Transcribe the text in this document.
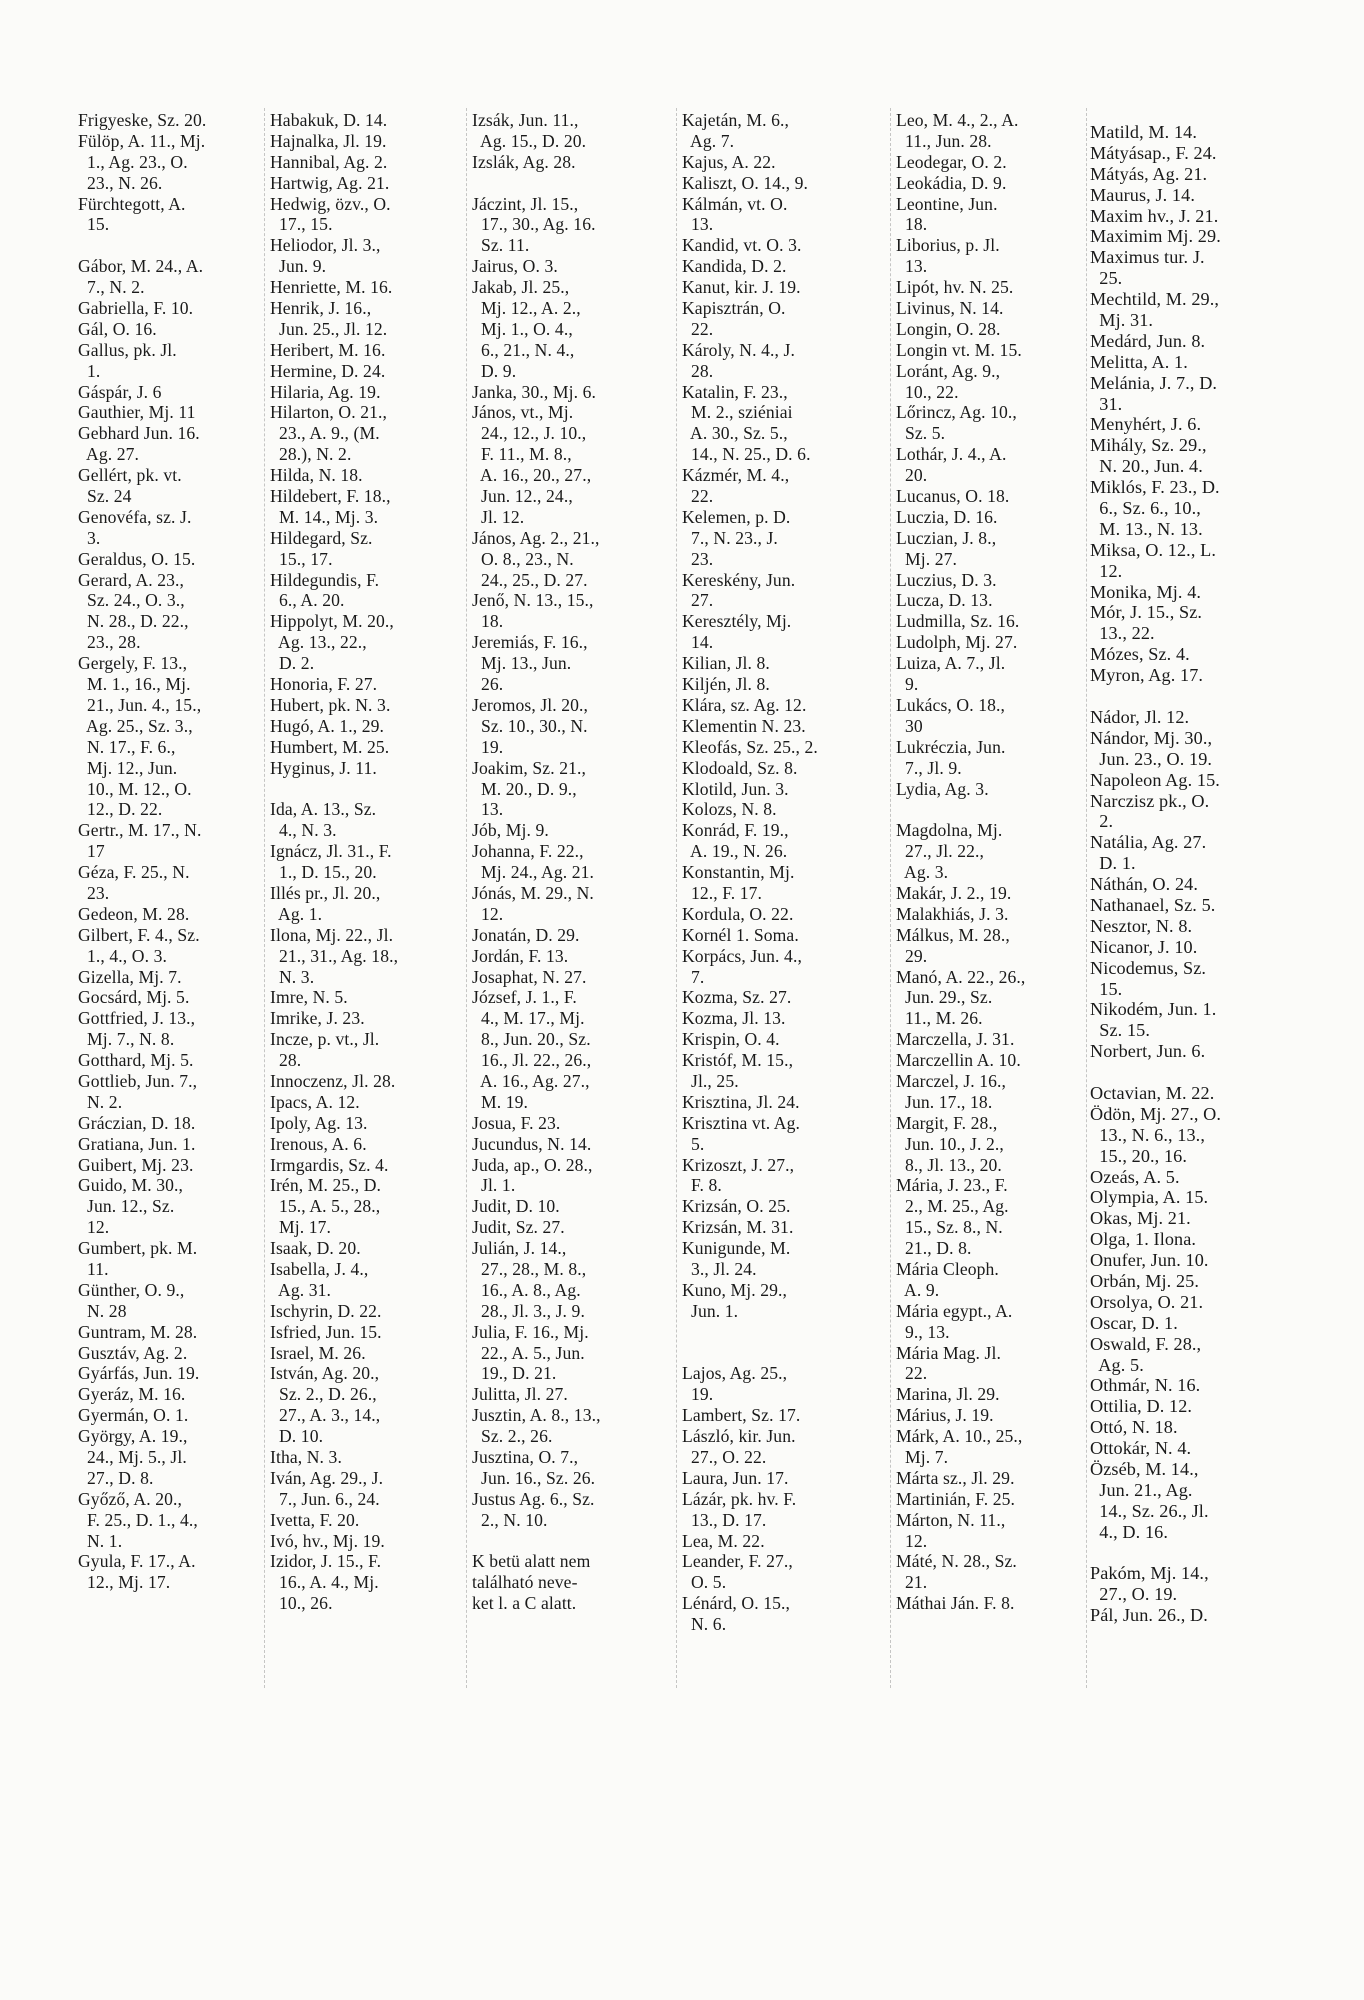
Frigyeske, Sz. 20.
Fülöp, A. 11., Mj.
1., Ag. 23., O.
23., N. 26.
Fürchtegott, A.
15.
Gábor, M. 24., A.
7., N. 2.
Gabriella, F. 10.
Gál, O. 16.
Gallus, pk. Jl.
1.
Gáspár, J. 6
Gauthier, Mj. 11
Gebhard Jun. 16.
Ag. 27.
Gellért, pk. vt.
Sz. 24
Genovéfa, sz. J.
3.
Geraldus, O. 15.
Gerard, A. 23.,
Sz. 24., O. 3.,
N. 28., D. 22.,
23., 28.
Gergely, F. 13.,
M. 1., 16., Mj.
21., Jun. 4., 15.,
Ag. 25., Sz. 3.,
N. 17., F. 6.,
Mj. 12., Jun.
10., M. 12., O.
12., D. 22.
Gertr., M. 17., N.
17
Géza, F. 25., N.
23.
Gedeon, M. 28.
Gilbert, F. 4., Sz.
1., 4., O. 3.
Gizella, Mj. 7.
Gocsárd, Mj. 5.
Gottfried, J. 13.,
Mj. 7., N. 8.
Gotthard, Mj. 5.
Gottlieb, Jun. 7.,
N. 2.
Gráczian, D. 18.
Gratiana, Jun. 1.
Guibert, Mj. 23.
Guido, M. 30.,
Jun. 12., Sz.
12.
Gumbert, pk. M.
11.
Günther, O. 9.,
N. 28
Guntram, M. 28.
Gusztáv, Ag. 2.
Gyárfás, Jun. 19.
Gyeráz, M. 16.
Gyermán, O. 1.
György, A. 19.,
24., Mj. 5., Jl.
27., D. 8.
Győző, A. 20.,
F. 25., D. 1., 4.,
N. 1.
Gyula, F. 17., A.
12., Mj. 17.
Habakuk, D. 14.
Hajnalka, Jl. 19.
Hannibal, Ag. 2.
Hartwig, Ag. 21.
Hedwig, özv., O.
17., 15.
Heliodor, Jl. 3.,
Jun. 9.
Henriette, M. 16.
Henrik, J. 16.,
Jun. 25., Jl. 12.
Heribert, M. 16.
Hermine, D. 24.
Hilaria, Ag. 19.
Hilarton, O. 21.,
23., A. 9., (M.
28.), N. 2.
Hilda, N. 18.
Hildebert, F. 18.,
M. 14., Mj. 3.
Hildegard, Sz.
15., 17.
Hildegundis, F.
6., A. 20.
Hippolyt, M. 20.,
Ag. 13., 22.,
D. 2.
Honoria, F. 27.
Hubert, pk. N. 3.
Hugó, A. 1., 29.
Humbert, M. 25.
Hyginus, J. 11.
Ida, A. 13., Sz.
4., N. 3.
Ignácz, Jl. 31., F.
1., D. 15., 20.
Illés pr., Jl. 20.,
Ag. 1.
Ilona, Mj. 22., Jl.
21., 31., Ag. 18.,
N. 3.
Imre, N. 5.
Imrike, J. 23.
Incze, p. vt., Jl.
28.
Innoczenz, Jl. 28.
Ipacs, A. 12.
Ipoly, Ag. 13.
Irenous, A. 6.
Irmgardis, Sz. 4.
Irén, M. 25., D.
15., A. 5., 28.,
Mj. 17.
Isaak, D. 20.
Isabella, J. 4.,
Ag. 31.
Ischyrin, D. 22.
Isfried, Jun. 15.
Israel, M. 26.
István, Ag. 20.,
Sz. 2., D. 26.,
27., A. 3., 14.,
D. 10.
Itha, N. 3.
Iván, Ag. 29., J.
7., Jun. 6., 24.
Ivetta, F. 20.
Ivó, hv., Mj. 19.
Izidor, J. 15., F.
16., A. 4., Mj.
10., 26.
Izsák, Jun. 11.,
Ag. 15., D. 20.
Izslák, Ag. 28.
Jáczint, Jl. 15.,
17., 30., Ag. 16.
Sz. 11.
Jairus, O. 3.
Jakab, Jl. 25.,
Mj. 12., A. 2.,
Mj. 1., O. 4.,
6., 21., N. 4.,
D. 9.
Janka, 30., Mj. 6.
János, vt., Mj.
24., 12., J. 10.,
F. 11., M. 8.,
A. 16., 20., 27.,
Jun. 12., 24.,
Jl. 12.
János, Ag. 2., 21.,
O. 8., 23., N.
24., 25., D. 27.
Jenő, N. 13., 15.,
18.
Jeremiás, F. 16.,
Mj. 13., Jun.
26.
Jeromos, Jl. 20.,
Sz. 10., 30., N.
19.
Joakim, Sz. 21.,
M. 20., D. 9.,
13.
Jób, Mj. 9.
Johanna, F. 22.,
Mj. 24., Ag. 21.
Jónás, M. 29., N.
12.
Jonatán, D. 29.
Jordán, F. 13.
Josaphat, N. 27.
József, J. 1., F.
4., M. 17., Mj.
8., Jun. 20., Sz.
16., Jl. 22., 26.,
A. 16., Ag. 27.,
M. 19.
Josua, F. 23.
Jucundus, N. 14.
Juda, ap., O. 28.,
Jl. 1.
Judit, D. 10.
Judit, Sz. 27.
Julián, J. 14.,
27., 28., M. 8.,
16., A. 8., Ag.
28., Jl. 3., J. 9.
Julia, F. 16., Mj.
22., A. 5., Jun.
19., D. 21.
Julitta, Jl. 27.
Jusztin, A. 8., 13.,
Sz. 2., 26.
Jusztina, O. 7.,
Jun. 16., Sz. 26.
Justus Ag. 6., Sz.
2., N. 10.
K betü alatt nem
található neve-
ket l. a C alatt.
Kajetán, M. 6.,
Ag. 7.
Kajus, A. 22.
Kaliszt, O. 14., 9.
Kálmán, vt. O.
13.
Kandid, vt. O. 3.
Kandida, D. 2.
Kanut, kir. J. 19.
Kapisztrán, O.
22.
Károly, N. 4., J.
28.
Katalin, F. 23.,
M. 2., sziéniai
A. 30., Sz. 5.,
14., N. 25., D. 6.
Kázmér, M. 4.,
22.
Kelemen, p. D.
7., N. 23., J.
23.
Kereskény, Jun.
27.
Keresztély, Mj.
14.
Kilian, Jl. 8.
Kiljén, Jl. 8.
Klára, sz. Ag. 12.
Klementin N. 23.
Kleofás, Sz. 25., 2.
Klodoald, Sz. 8.
Klotild, Jun. 3.
Kolozs, N. 8.
Konrád, F. 19.,
A. 19., N. 26.
Konstantin, Mj.
12., F. 17.
Kordula, O. 22.
Kornél 1. Soma.
Korpács, Jun. 4.,
7.
Kozma, Sz. 27.
Kozma, Jl. 13.
Krispin, O. 4.
Kristóf, M. 15.,
Jl., 25.
Krisztina, Jl. 24.
Krisztina vt. Ag.
5.
Krizoszt, J. 27.,
F. 8.
Krizsán, O. 25.
Krizsán, M. 31.
Kunigunde, M.
3., Jl. 24.
Kuno, Mj. 29.,
Jun. 1.
Lajos, Ag. 25.,
19.
Lambert, Sz. 17.
László, kir. Jun.
27., O. 22.
Laura, Jun. 17.
Lázár, pk. hv. F.
13., D. 17.
Lea, M. 22.
Leander, F. 27.,
O. 5.
Lénárd, O. 15.,
N. 6.
Leo, M. 4., 2., A.
11., Jun. 28.
Leodegar, O. 2.
Leokádia, D. 9.
Leontine, Jun.
18.
Liborius, p. Jl.
13.
Lipót, hv. N. 25.
Livinus, N. 14.
Longin, O. 28.
Longin vt. M. 15.
Loránt, Ag. 9.,
10., 22.
Lőrincz, Ag. 10.,
Sz. 5.
Lothár, J. 4., A.
20.
Lucanus, O. 18.
Luczia, D. 16.
Luczian, J. 8.,
Mj. 27.
Luczius, D. 3.
Lucza, D. 13.
Ludmilla, Sz. 16.
Ludolph, Mj. 27.
Luiza, A. 7., Jl.
9.
Lukács, O. 18.,
30
Lukréczia, Jun.
7., Jl. 9.
Lydia, Ag. 3.
Magdolna, Mj.
27., Jl. 22.,
Ag. 3.
Makár, J. 2., 19.
Malakhiás, J. 3.
Málkus, M. 28.,
29.
Manó, A. 22., 26.,
Jun. 29., Sz.
11., M. 26.
Marczella, J. 31.
Marczellin A. 10.
Marczel, J. 16.,
Jun. 17., 18.
Margit, F. 28.,
Jun. 10., J. 2.,
8., Jl. 13., 20.
Mária, J. 23., F.
2., M. 25., Ag.
15., Sz. 8., N.
21., D. 8.
Mária Cleoph.
A. 9.
Mária egypt., A.
9., 13.
Mária Mag. Jl.
22.
Marina, Jl. 29.
Márius, J. 19.
Márk, A. 10., 25.,
Mj. 7.
Márta sz., Jl. 29.
Martinián, F. 25.
Márton, N. 11.,
12.
Máté, N. 28., Sz.
21.
Máthai Ján. F. 8.
Matild, M. 14.
Mátyásap., F. 24.
Mátyás, Ag. 21.
Maurus, J. 14.
Maxim hv., J. 21.
Maximim Mj. 29.
Maximus tur. J.
25.
Mechtild, M. 29.,
Mj. 31.
Medárd, Jun. 8.
Melitta, A. 1.
Melánia, J. 7., D.
31.
Menyhért, J. 6.
Mihály, Sz. 29.,
N. 20., Jun. 4.
Miklós, F. 23., D.
6., Sz. 6., 10.,
M. 13., N. 13.
Miksa, O. 12., L.
12.
Monika, Mj. 4.
Mór, J. 15., Sz.
13., 22.
Mózes, Sz. 4.
Myron, Ag. 17.
Nádor, Jl. 12.
Nándor, Mj. 30.,
Jun. 23., O. 19.
Napoleon Ag. 15.
Narczisz pk., O.
2.
Natália, Ag. 27.
D. 1.
Náthán, O. 24.
Nathanael, Sz. 5.
Nesztor, N. 8.
Nicanor, J. 10.
Nicodemus, Sz.
15.
Nikodém, Jun. 1.
Sz. 15.
Norbert, Jun. 6.
Octavian, M. 22.
Ödön, Mj. 27., O.
13., N. 6., 13.,
15., 20., 16.
Ozeás, A. 5.
Olympia, A. 15.
Okas, Mj. 21.
Olga, 1. Ilona.
Onufer, Jun. 10.
Orbán, Mj. 25.
Orsolya, O. 21.
Oscar, D. 1.
Oswald, F. 28.,
Ag. 5.
Othmár, N. 16.
Ottilia, D. 12.
Ottó, N. 18.
Ottokár, N. 4.
Özséb, M. 14.,
Jun. 21., Ag.
14., Sz. 26., Jl.
4., D. 16.
Pakóm, Mj. 14.,
27., O. 19.
Pál, Jun. 26., D.
